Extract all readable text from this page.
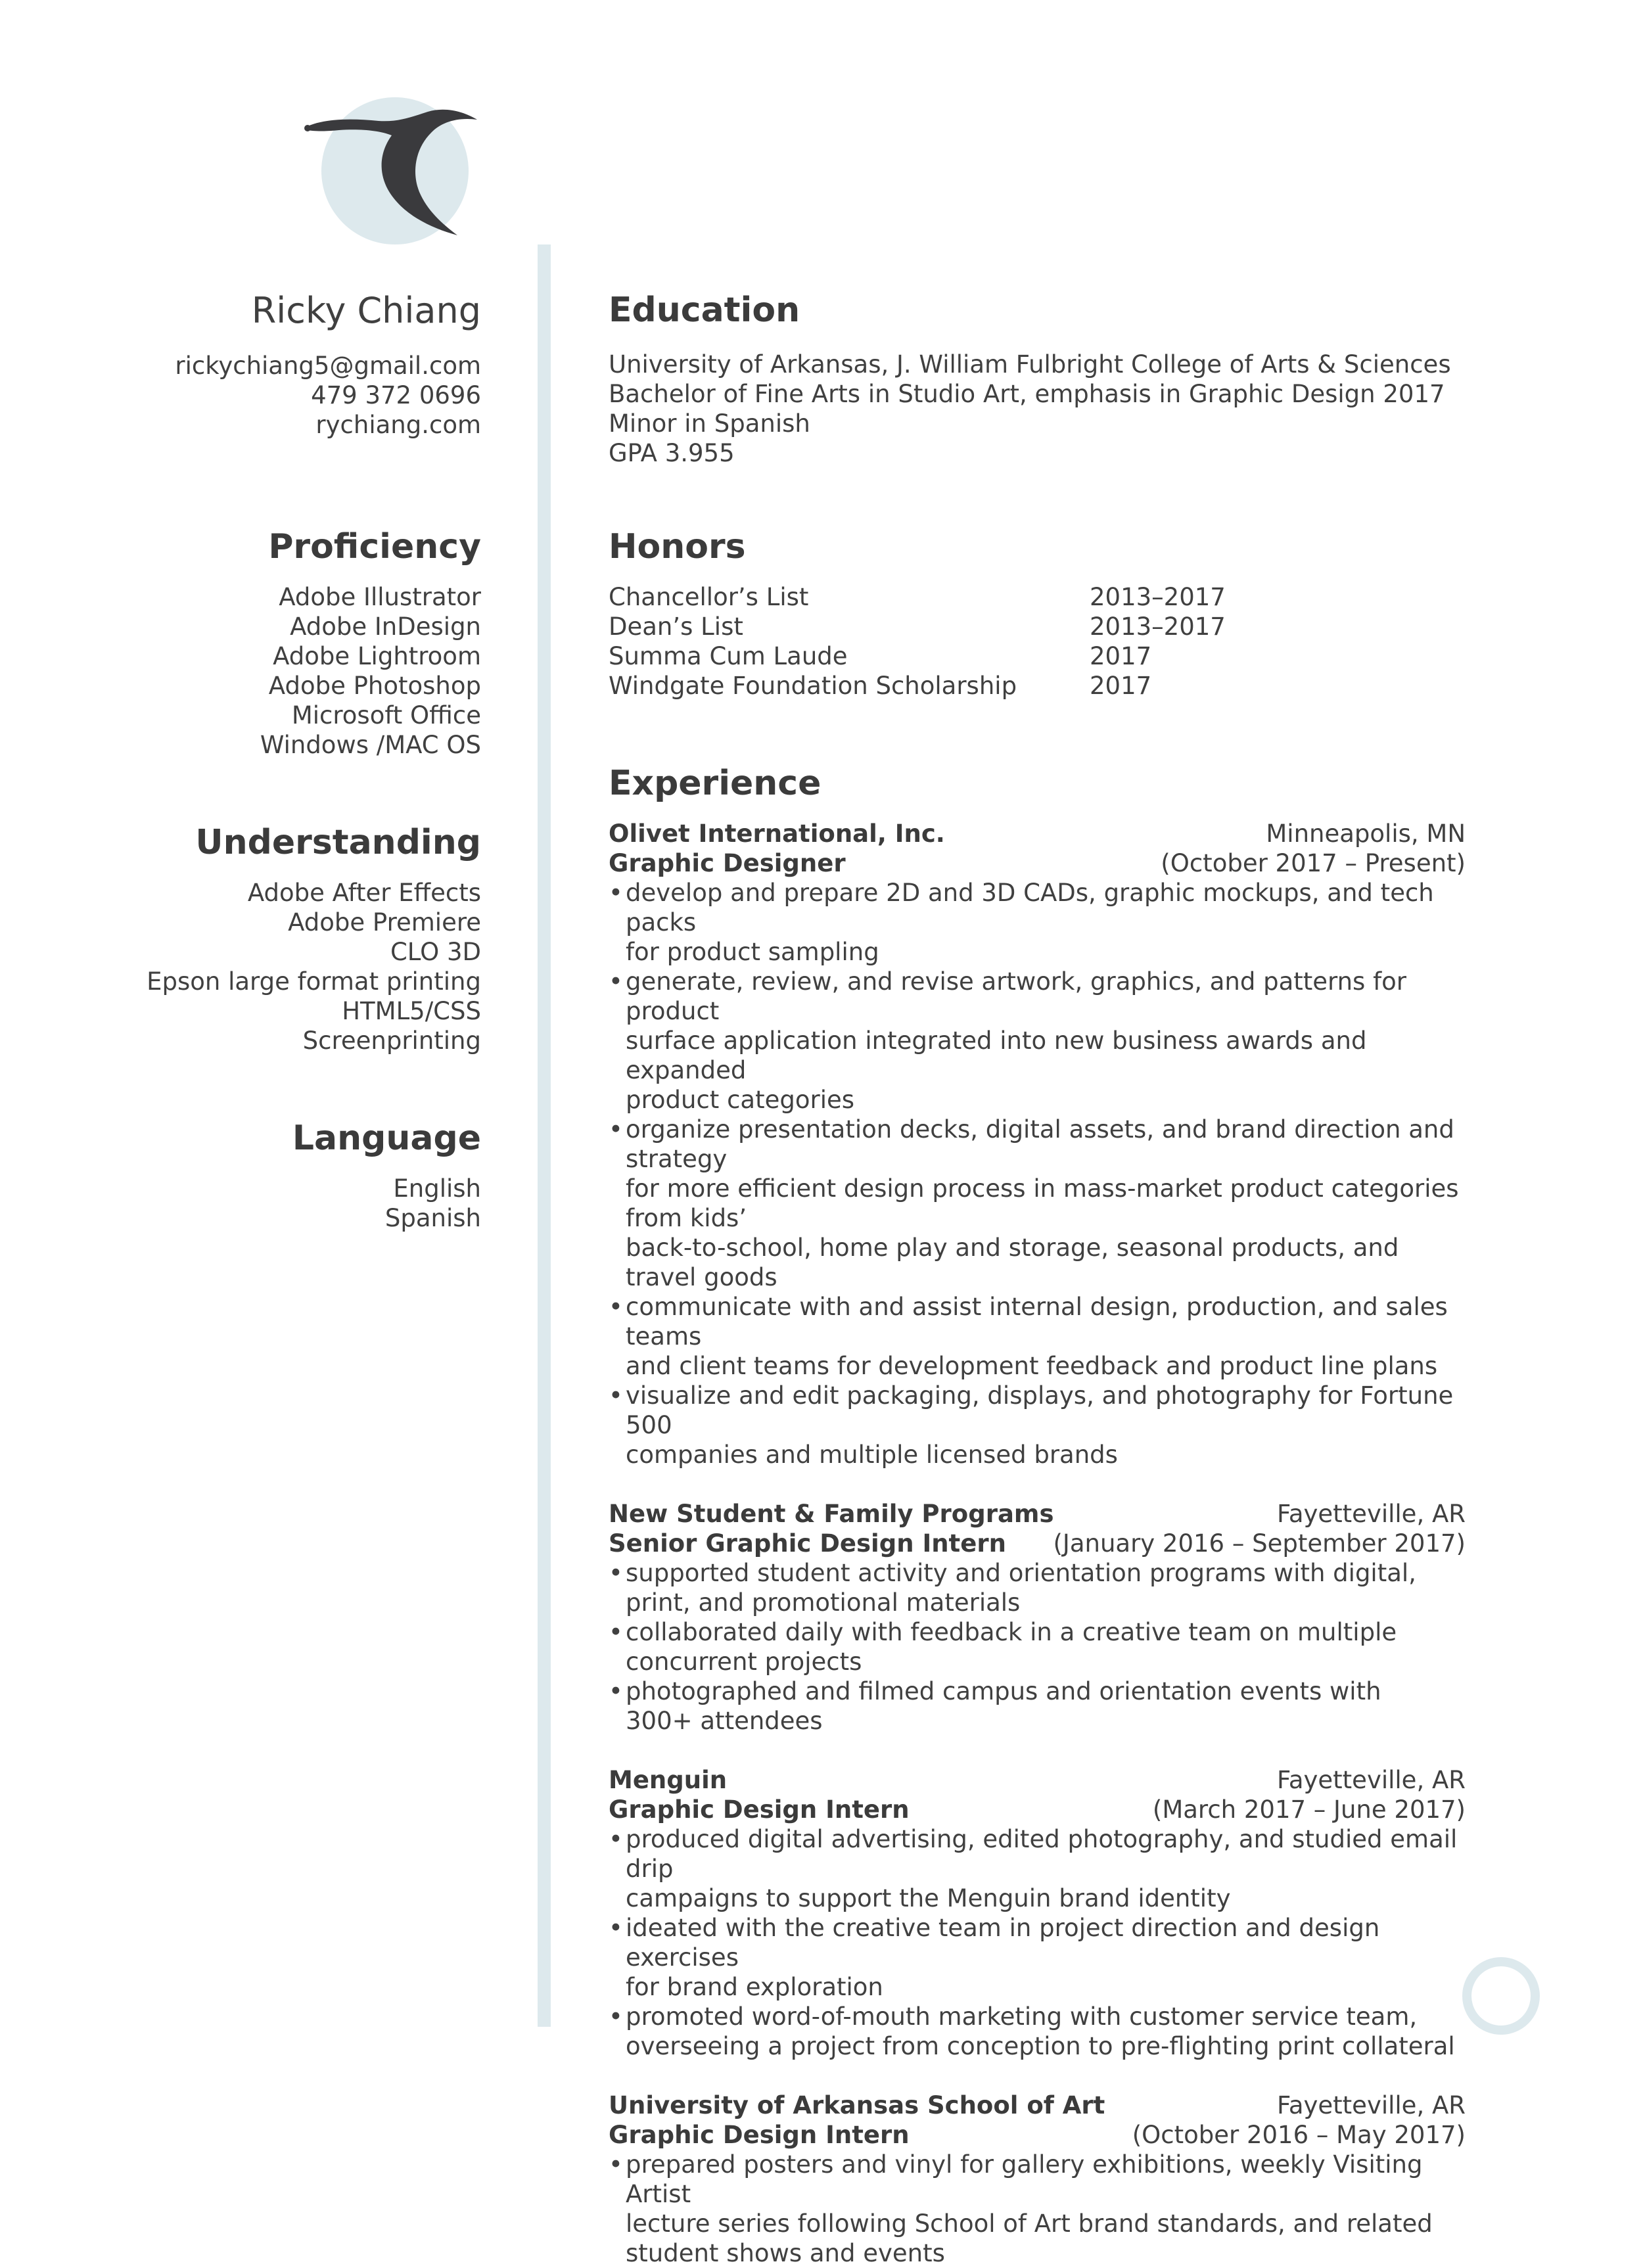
Ricky Chiang
rickychiang5@gmail.com
479 372 0696
rychiang.com
Proficiency
Adobe Illustrator
Adobe InDesign
Adobe Lightroom
Adobe Photoshop
Microsoft Office
Windows /MAC OS
Understanding
Adobe After Effects
Adobe Premiere
CLO 3D
Epson large format printing
HTML5/CSS
Screenprinting
Language
English
Spanish
Education
University of Arkansas, J. William Fulbright College of Arts & Sciences
Bachelor of Fine Arts in Studio Art, emphasis in Graphic Design 2017
Minor in Spanish
GPA 3.955
Honors
Chancellor’s List	2013–2017
Dean’s List	2013–2017
Summa Cum Laude	2017
Windgate Foundation Scholarship	2017
Experience
Olivet International, Inc.	Minneapolis, MN
Graphic Designer	(October 2017 – Present)
• develop and prepare 2D and 3D CADs, graphic mockups, and tech packs
for product sampling
• generate, review, and revise artwork, graphics, and patterns for product
surface application integrated into new business awards and expanded
product categories
• organize presentation decks, digital assets, and brand direction and strategy
for more efficient design process in mass-market product categories from kids’
back-to-school, home play and storage, seasonal products, and travel goods
• communicate with and assist internal design, production, and sales teams
and client teams for development feedback and product line plans
• visualize and edit packaging, displays, and photography for Fortune 500
companies and multiple licensed brands
New Student & Family Programs	Fayetteville, AR
Senior Graphic Design Intern (January 2016 – September 2017)
• supported student activity and orientation programs with digital,
print, and promotional materials
• collaborated daily with feedback in a creative team on multiple
concurrent projects
• photographed and filmed campus and orientation events with
300+ attendees
Menguin	Fayetteville, AR
Graphic Design Intern	(March 2017 – June 2017)
• produced digital advertising, edited photography, and studied email drip
campaigns to support the Menguin brand identity
• ideated with the creative team in project direction and design exercises
for brand exploration
• promoted word-of-mouth marketing with customer service team,
overseeing a project from conception to pre-flighting print collateral
University of Arkansas School of Art	Fayetteville, AR
Graphic Design Intern	(October 2016 – May 2017)
• prepared posters and vinyl for gallery exhibitions, weekly Visiting Artist
lecture series following School of Art brand standards, and related
student shows and events
